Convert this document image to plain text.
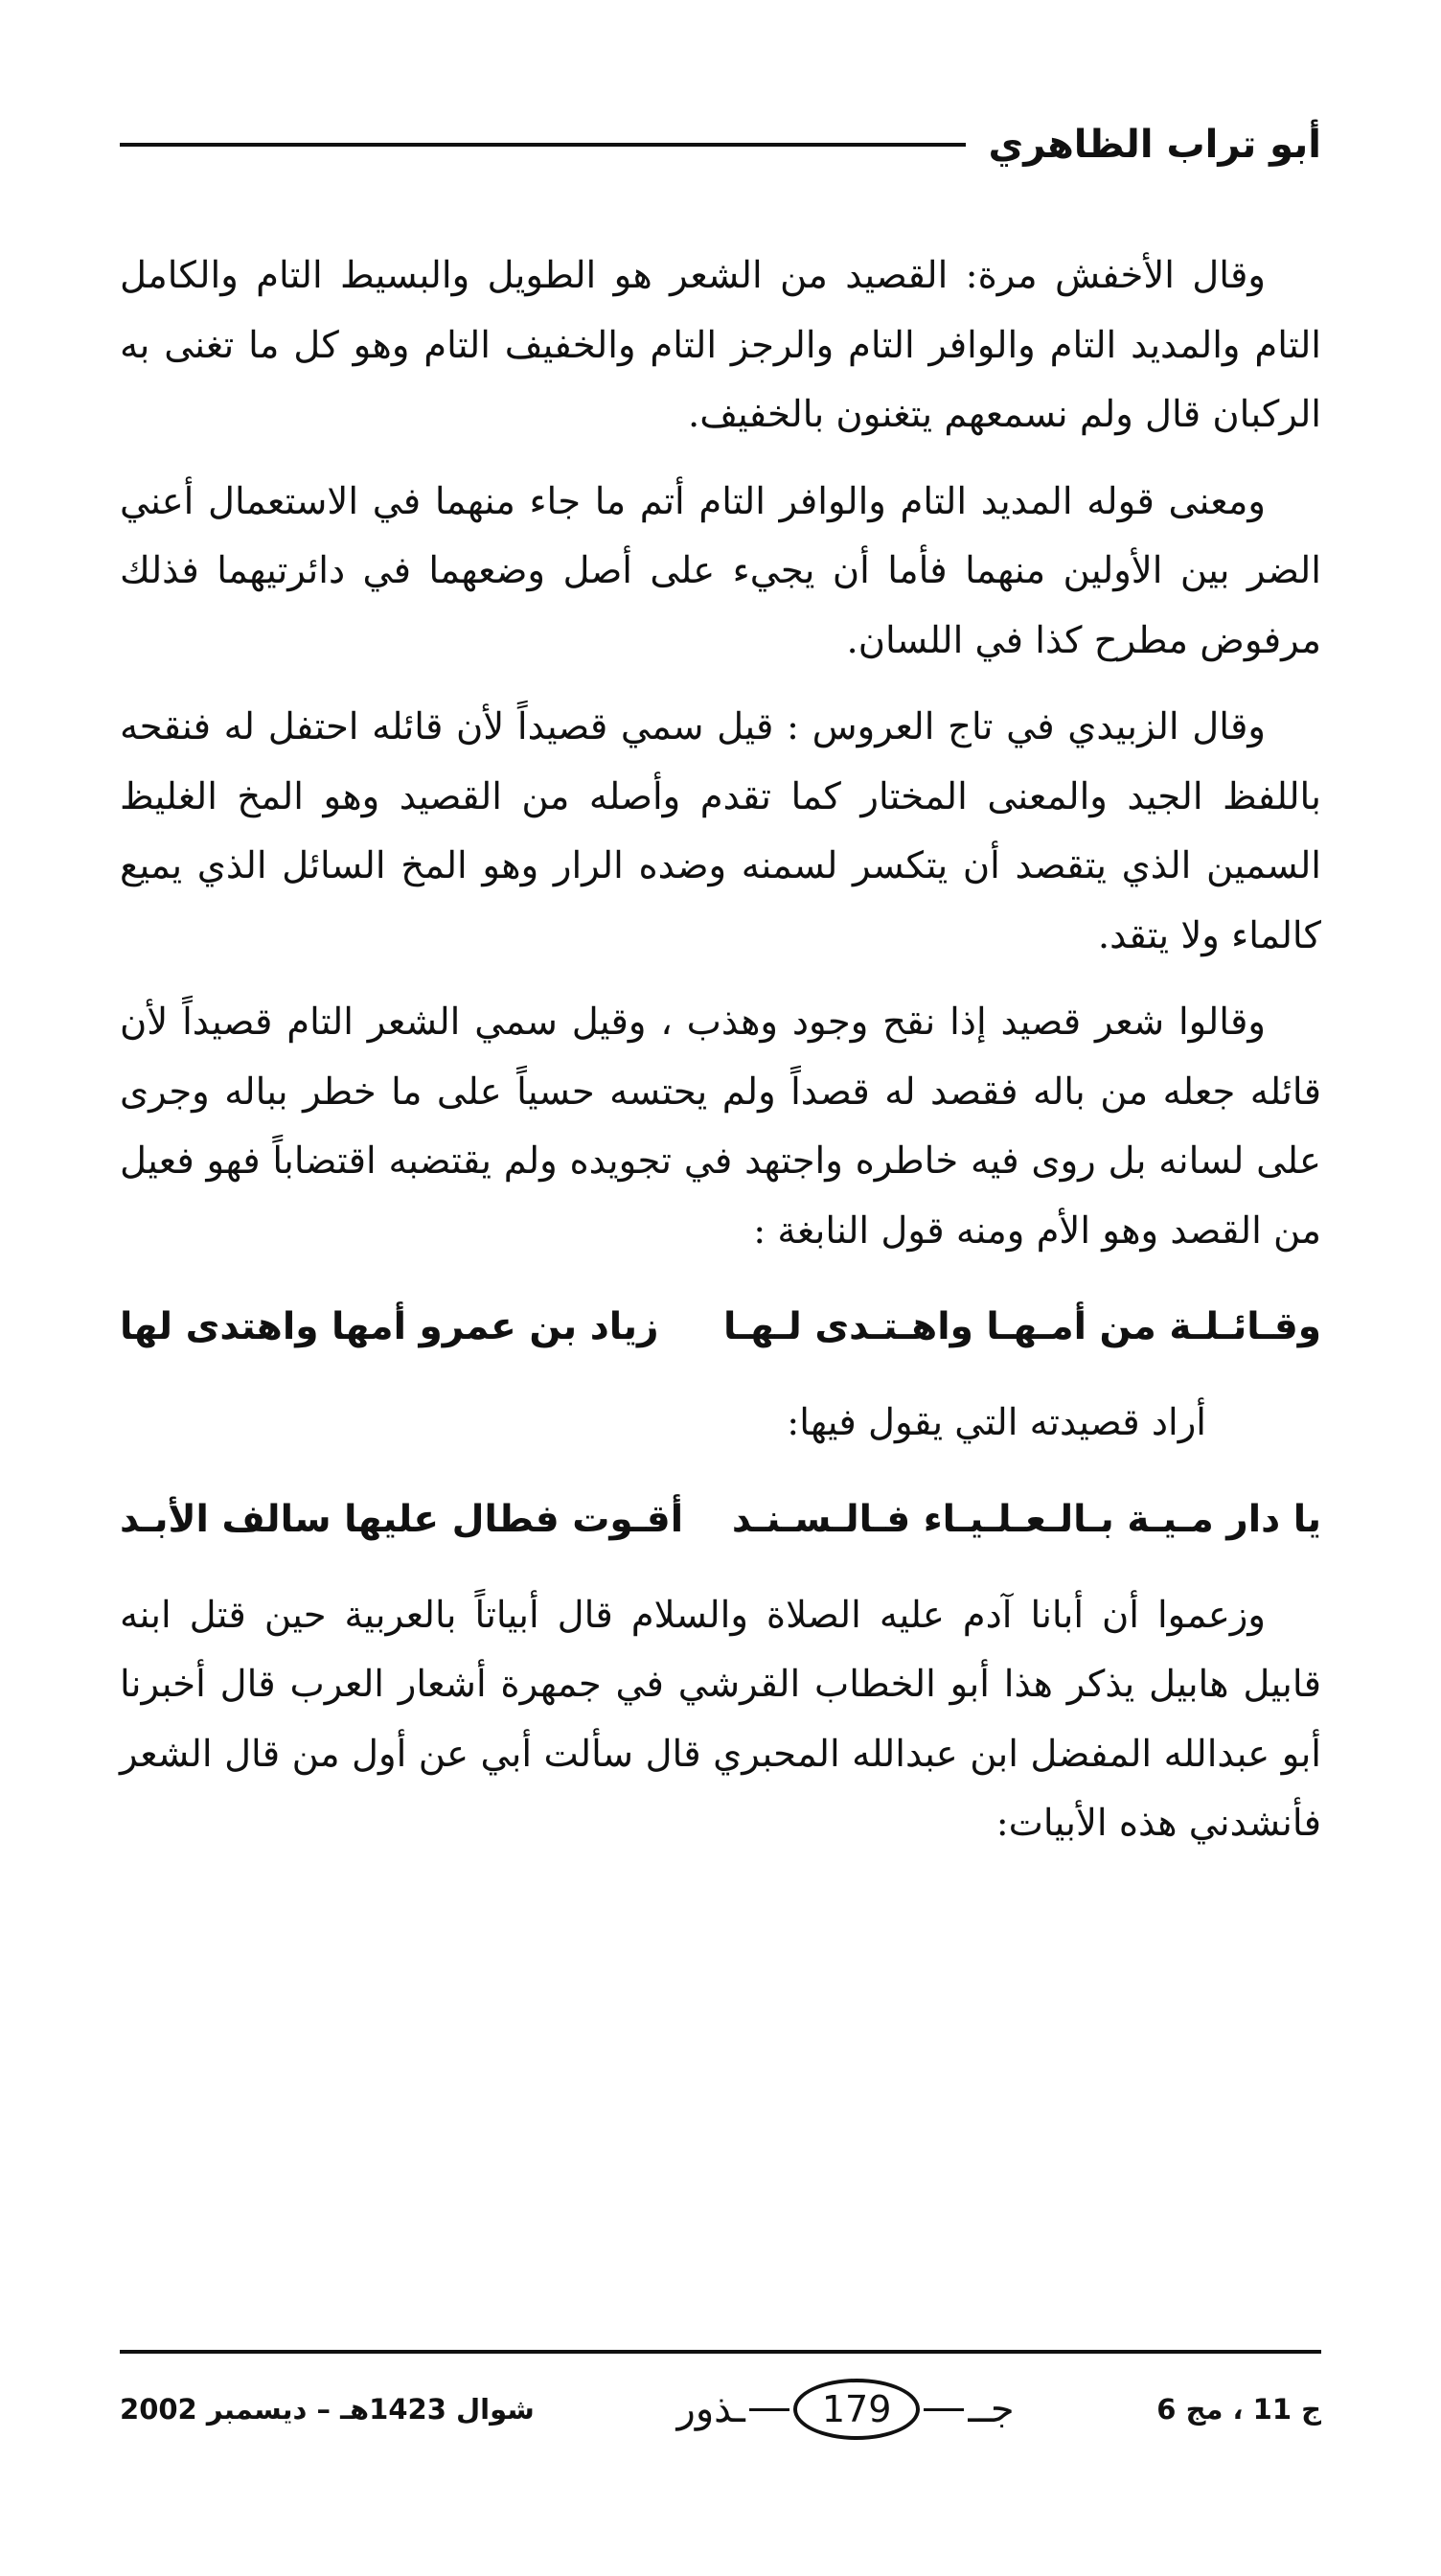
أبو تراب الظاهري

وقال الأخفش مرة: القصيد من الشعر هو الطويل والبسيط التام والكامل التام والمديد التام والوافر التام والرجز التام والخفيف التام وهو كل ما تغنى به الركبان قال ولم نسمعهم يتغنون بالخفيف.

ومعنى قوله المديد التام والوافر التام أتم ما جاء منهما في الاستعمال أعني الضر بين الأولين منهما فأما أن يجيء على أصل وضعهما في دائرتيهما فذلك مرفوض مطرح كذا في اللسان.

وقال الزبيدي في تاج العروس : قيل سمي قصيداً لأن قائله احتفل له فنقحه باللفظ الجيد والمعنى المختار كما تقدم وأصله من القصيد وهو المخ الغليظ السمين الذي يتقصد أن يتكسر لسمنه وضده الرار وهو المخ السائل الذي يميع كالماء ولا يتقد.

وقالوا شعر قصيد إذا نقح وجود وهذب ، وقيل سمي الشعر التام قصيداً لأن قائله جعله من باله فقصد له قصداً ولم يحتسه حسياً على ما خطر بباله وجرى على لسانه بل روى فيه خاطره واجتهد في تجويده ولم يقتضبه اقتضاباً فهو فعيل من القصد وهو الأم ومنه قول النابغة :

وقـائـلـة من أمـهـا واهـتـدى لـهـا
زياد بن عمرو أمها واهتدى لها

أراد قصيدته التي يقول فيها:

يا دار مـيـة بـالـعـلـيـاء فـالـسـنـد
أقـوت فطال عليها سالف الأبـد

وزعموا أن أبانا آدم عليه الصلاة والسلام قال أبياتاً بالعربية حين قتل ابنه قابيل هابيل يذكر هذا أبو الخطاب القرشي في جمهرة أشعار العرب قال أخبرنا أبو عبدالله المفضل ابن عبدالله المحبري قال سألت أبي عن أول من قال الشعر فأنشدني هذه الأبيات:

ج 11 ، مج 6
جــ
179
ـذور
شوال 1423هـ – ديسمبر 2002
